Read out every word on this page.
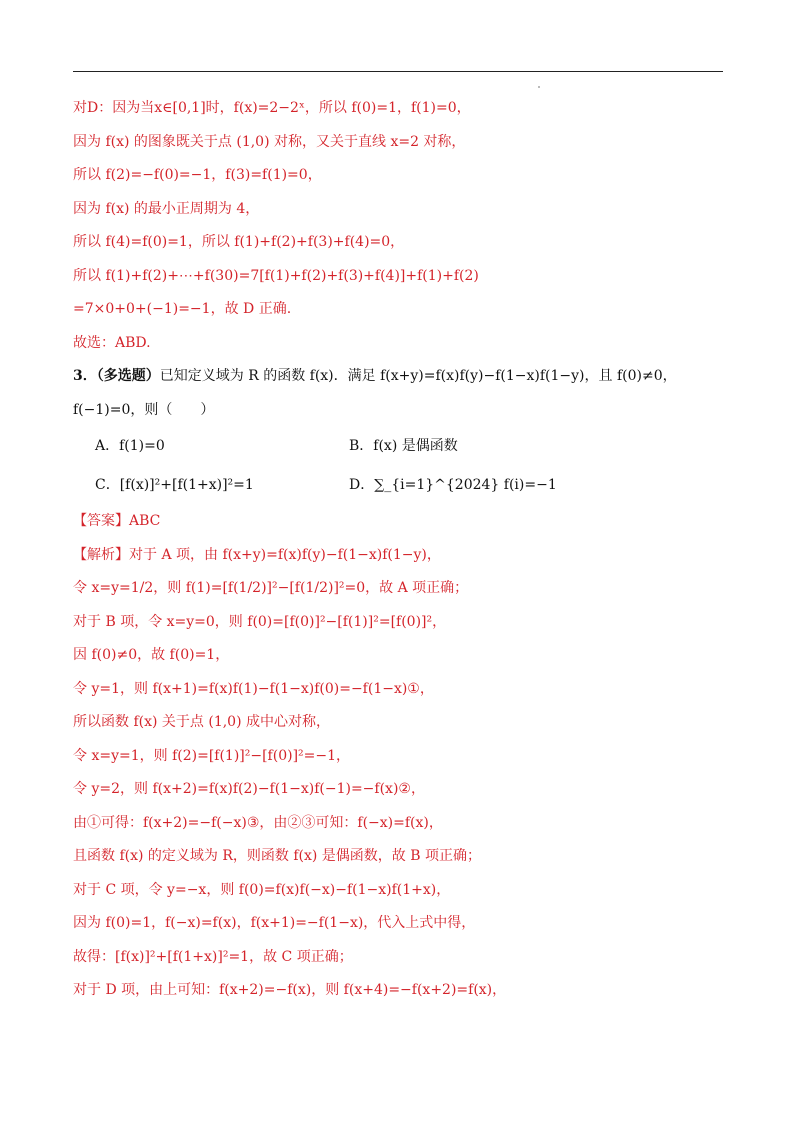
对D：因为当x∈[0,1]时，f(x)=2−2ˣ，所以 f(0)=1，f(1)=0，
因为 f(x) 的图象既关于点 (1,0) 对称，又关于直线 x=2 对称，
所以 f(2)=−f(0)=−1，f(3)=f(1)=0，
因为 f(x) 的最小正周期为 4，
所以 f(4)=f(0)=1，所以 f(1)+f(2)+f(3)+f(4)=0，
所以 f(1)+f(2)+⋯+f(30)=7[f(1)+f(2)+f(3)+f(4)]+f(1)+f(2)
=7×0+0+(−1)=−1，故 D 正确.
故选：ABD.
3．（多选题）已知定义域为 R 的函数 f(x)．满足 f(x+y)=f(x)f(y)−f(1−x)f(1−y)，且 f(0)≠0，
f(−1)=0，则（　　）
A．f(1)=0	B．f(x) 是偶函数
C．[f(x)]²+[f(1+x)]²=1	D．∑_{i=1}^{2024} f(i)=−1
【答案】ABC
【解析】对于 A 项，由 f(x+y)=f(x)f(y)−f(1−x)f(1−y)，
令 x=y=1/2，则 f(1)=[f(1/2)]²−[f(1/2)]²=0，故 A 项正确；
对于 B 项，令 x=y=0，则 f(0)=[f(0)]²−[f(1)]²=[f(0)]²，
因 f(0)≠0，故 f(0)=1，
令 y=1，则 f(x+1)=f(x)f(1)−f(1−x)f(0)=−f(1−x)①，
所以函数 f(x) 关于点 (1,0) 成中心对称，
令 x=y=1，则 f(2)=[f(1)]²−[f(0)]²=−1，
令 y=2，则 f(x+2)=f(x)f(2)−f(1−x)f(−1)=−f(x)②，
由①可得：f(x+2)=−f(−x)③，由②③可知：f(−x)=f(x)，
且函数 f(x) 的定义域为 R，则函数 f(x) 是偶函数，故 B 项正确；
对于 C 项，令 y=−x，则 f(0)=f(x)f(−x)−f(1−x)f(1+x)，
因为 f(0)=1，f(−x)=f(x)，f(x+1)=−f(1−x)，代入上式中得，
故得：[f(x)]²+[f(1+x)]²=1，故 C 项正确；
对于 D 项，由上可知：f(x+2)=−f(x)，则 f(x+4)=−f(x+2)=f(x)，
